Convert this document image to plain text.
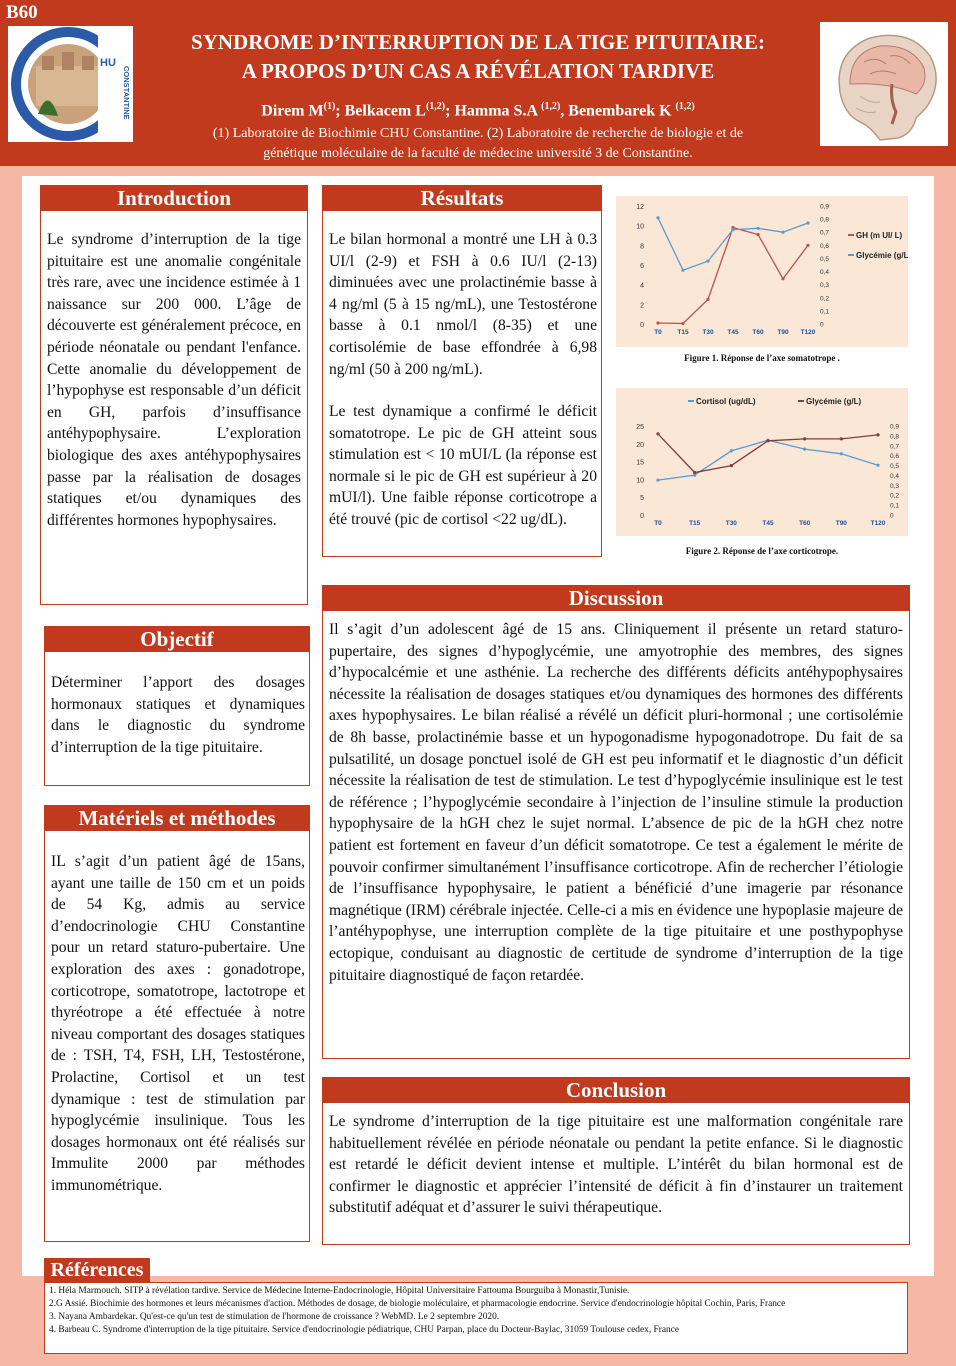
B60
HU
CONSTANTINE
SYNDROME D’INTERRUPTION DE LA TIGE PITUITAIRE:
A PROPOS D’UN CAS A RÉVÉLATION TARDIVE
Direm $M^{(1)}$; Belkacem L$^{(1,2)}$; Hamma S.A $^{(1,2)}$, Benembarek K $^{(1,2)}$
(1) Laboratoire de Biochimie CHU Constantine. (2) Laboratoire de recherche de biologie et de
génétique moléculaire de la faculté de médecine université 3 de Constantine.
Introduction

Le syndrome d’interruption de la tige pituitaire est une anomalie congénitale très rare, avec une incidence estimée à 1 naissance sur 200 000. L’âge de découverte est généralement précoce, en période néonatale ou pendant l'enfance. Cette anomalie du développement de l’hypophyse est responsable d’un déficit en GH, parfois d’insuffisance antéhypophysaire. L’exploration biologique des axes antéhypophysaires passe par la réalisation de dosages statiques et/ou dynamiques des différentes hormones hypophysaires.

Objectif

Déterminer l’apport des dosages hormonaux statiques et dynamiques dans le diagnostic du syndrome d’interruption de la tige pituitaire.

Matériels et méthodes

IL s’agit d’un patient âgé de 15ans, ayant une taille de 150 cm et un poids de 54 Kg, admis au service d’endocrinologie CHU Constantine pour un retard staturo-pubertaire. Une exploration des axes : gonadotrope, corticotrope, somatotrope, lactotrope et thyréotrope a été effectuée à notre niveau comportant des dosages statiques de : TSH, T4, FSH, LH, Testostérone, Prolactine, Cortisol et un test dynamique : test de stimulation par hypoglycémie insulinique. Tous les dosages hormonaux ont été réalisés sur Immulite 2000 par méthodes immunométrique.

Résultats

Le bilan hormonal a montré une LH à 0.3 UI/l (2-9) et FSH à 0.6 IU/l (2-13) diminuées avec une prolactinémie basse à 4 ng/ml (5 à 15 ng/mL), une Testostérone basse à 0.1 nmol/l (8-35) et une cortisolémie de base effondrée à 6,98 ng/ml (50 à 200 ng/mL).

Le test dynamique a confirmé le déficit somatotrope. Le pic de GH atteint sous stimulation est < 10 mUI/L (la réponse est normale si le pic de GH est supérieur à 20 mUI/l). Une faible réponse corticotrope a été trouvé (pic de cortisol <22 ug/dL).

0
2
4
6
8
10
12
0
0,1
0,2
0,3
0,4
0,5
0,6
0,7
0,8
0,9
T0 T15 T30 T45 T60 T90 T120
GH (m UI/ L)
Glycémie (g/L)
Figure 1. Réponse de l’axe somatotrope .
0
5
10
15
20
25
0
0,1
0,2
0,3
0,4
0,5
0,6
0,7
0,8
0,9
T0	T15	T30	T45	T60	T90	T120
Cortisol (ug/dL)	Glycémie (g/L)
Figure 2. Réponse de l’axe corticotrope.
Discussion

Il s’agit d’un adolescent âgé de 15 ans. Cliniquement il présente un retard staturo-pupertaire, des signes d’hypoglycémie, une amyotrophie des membres, des signes d’hypocalcémie et une asthénie. La recherche des différents déficits antéhypophysaires nécessite la réalisation de dosages statiques et/ou dynamiques des hormones des différents axes hypophysaires. Le bilan réalisé a révélé un déficit pluri-hormonal ; une cortisolémie de 8h basse, prolactinémie basse et un hypogonadisme hypogonadotrope. Du fait de sa pulsatilité, un dosage ponctuel isolé de GH est peu informatif et le diagnostic d’un déficit nécessite la réalisation de test de stimulation. Le test d’hypoglycémie insulinique est le test de référence ; l’hypoglycémie secondaire à l’injection de l’insuline stimule la production hypophysaire de la hGH chez le sujet normal. L’absence de pic de la hGH chez notre patient est fortement en faveur d’un déficit somatotrope. Ce test a également le mérite de pouvoir confirmer simultanément l’insuffisance corticotrope. Afin de rechercher l’étiologie de l’insuffisance hypophysaire, le patient a bénéficié d’une imagerie par résonance magnétique (IRM) cérébrale injectée. Celle-ci a mis en évidence une hypoplasie majeure de l’antéhypophyse, une interruption complète de la tige pituitaire et une posthypophyse ectopique, conduisant au diagnostic de certitude de syndrome d’interruption de la tige pituitaire diagnostiqué de façon retardée.

Conclusion

Le syndrome d’interruption de la tige pituitaire est une malformation congénitale rare habituellement révélée en période néonatale ou pendant la petite enfance. Si le diagnostic est retardé le déficit devient intense et multiple. L’intérêt du bilan hormonal est de confirmer le diagnostic et apprécier l’intensité de déficit à fin d’instaurer un traitement substitutif adéquat et d’assurer le suivi thérapeutique.

Références

1. Héla Marmouch. SITP à révélation tardive. Service de Médecine Interne-Endocrinologie, Hôpital Universitaire Fattouma Bourguiba à Monastir,Tunisie.

2.G Assié. Biochimie des hormones et leurs mécanismes d'action. Méthodes de dosage, de biologie moléculaire, et pharmacologie endocrine. Service d'endocrinologie hôpital Cochin, Paris, France

3. Nayana Ambardekar. Qu'est-ce qu'un test de stimulation de l'hormone de croissance ? WebMD. Le 2 septembre 2020.

4. Barbeau C. Syndrome d'interruption de la tige pituitaire. Service d'endocrinologie pédiatrique, CHU Parpan, place du Docteur-Baylac, 31059 Toulouse cedex, France
